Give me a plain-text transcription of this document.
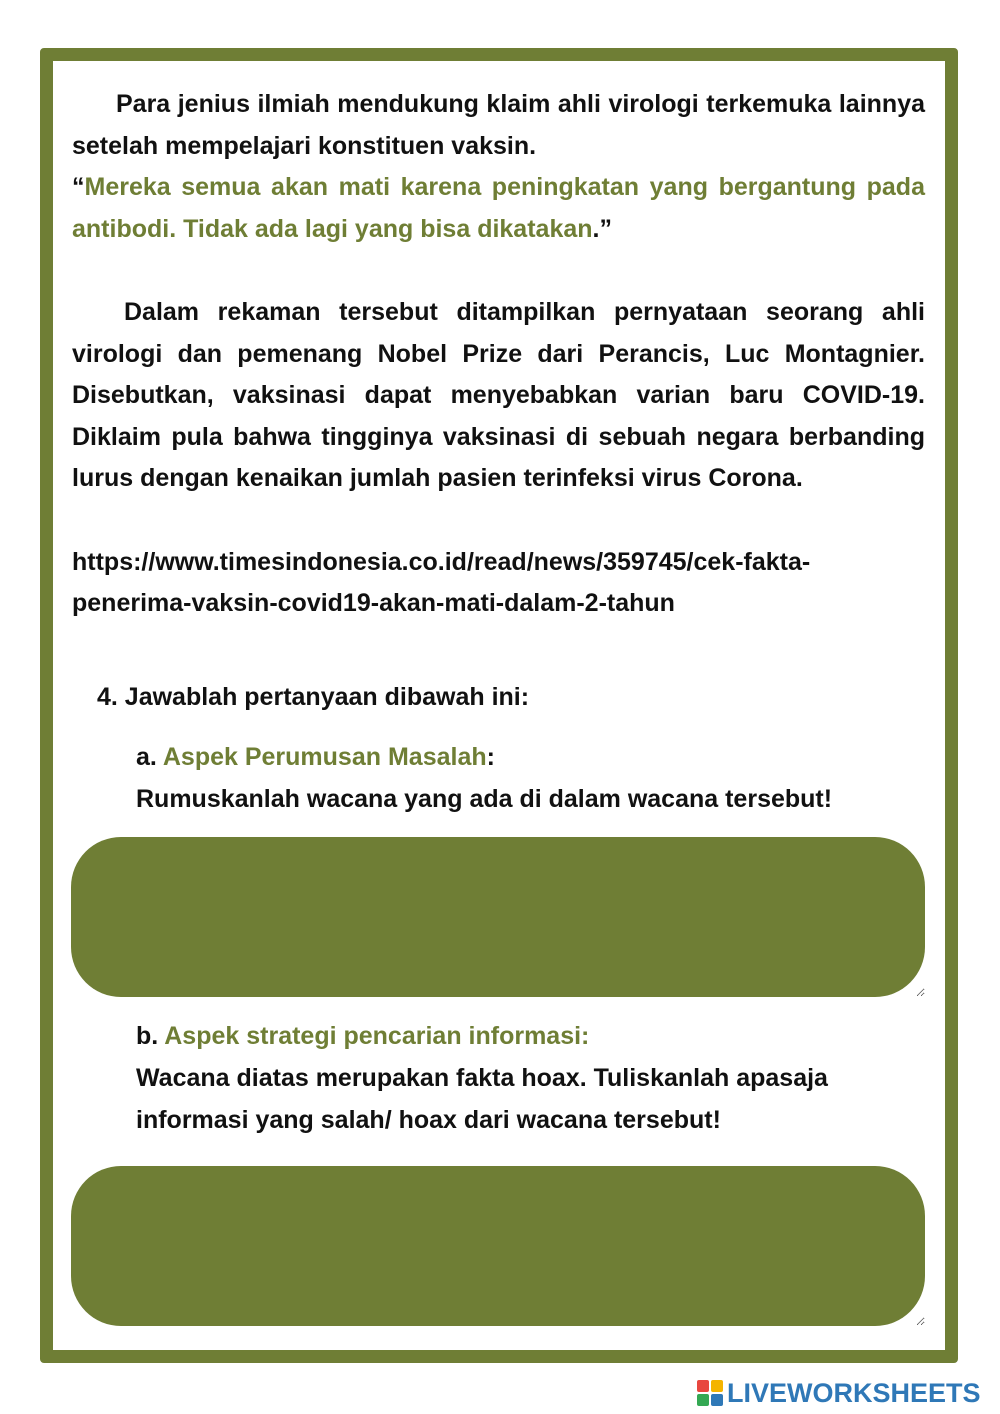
Para jenius ilmiah mendukung klaim ahli virologi terkemuka lainnya setelah mempelajari konstituen vaksin.

“Mereka semua akan mati karena peningkatan yang bergantung pada antibodi. Tidak ada lagi yang bisa dikatakan.”

Dalam rekaman tersebut ditampilkan pernyataan seorang ahli virologi dan pemenang Nobel Prize dari Perancis, Luc Montagnier. Disebutkan, vaksinasi dapat menyebabkan varian baru COVID-19. Diklaim pula bahwa tingginya vaksinasi di sebuah negara berbanding lurus dengan kenaikan jumlah pasien terinfeksi virus Corona.

https://www.timesindonesia.co.id/read/news/359745/cek-fakta-

penerima-vaksin-covid19-akan-mati-dalam-2-tahun

4. Jawablah pertanyaan dibawah ini:

a. Aspek Perumusan Masalah:

Rumuskanlah wacana yang ada di dalam wacana tersebut!

b. Aspek strategi pencarian informasi:

Wacana diatas merupakan fakta hoax. Tuliskanlah apasaja informasi yang salah/ hoax dari wacana tersebut!

LIVEWORKSHEETS
